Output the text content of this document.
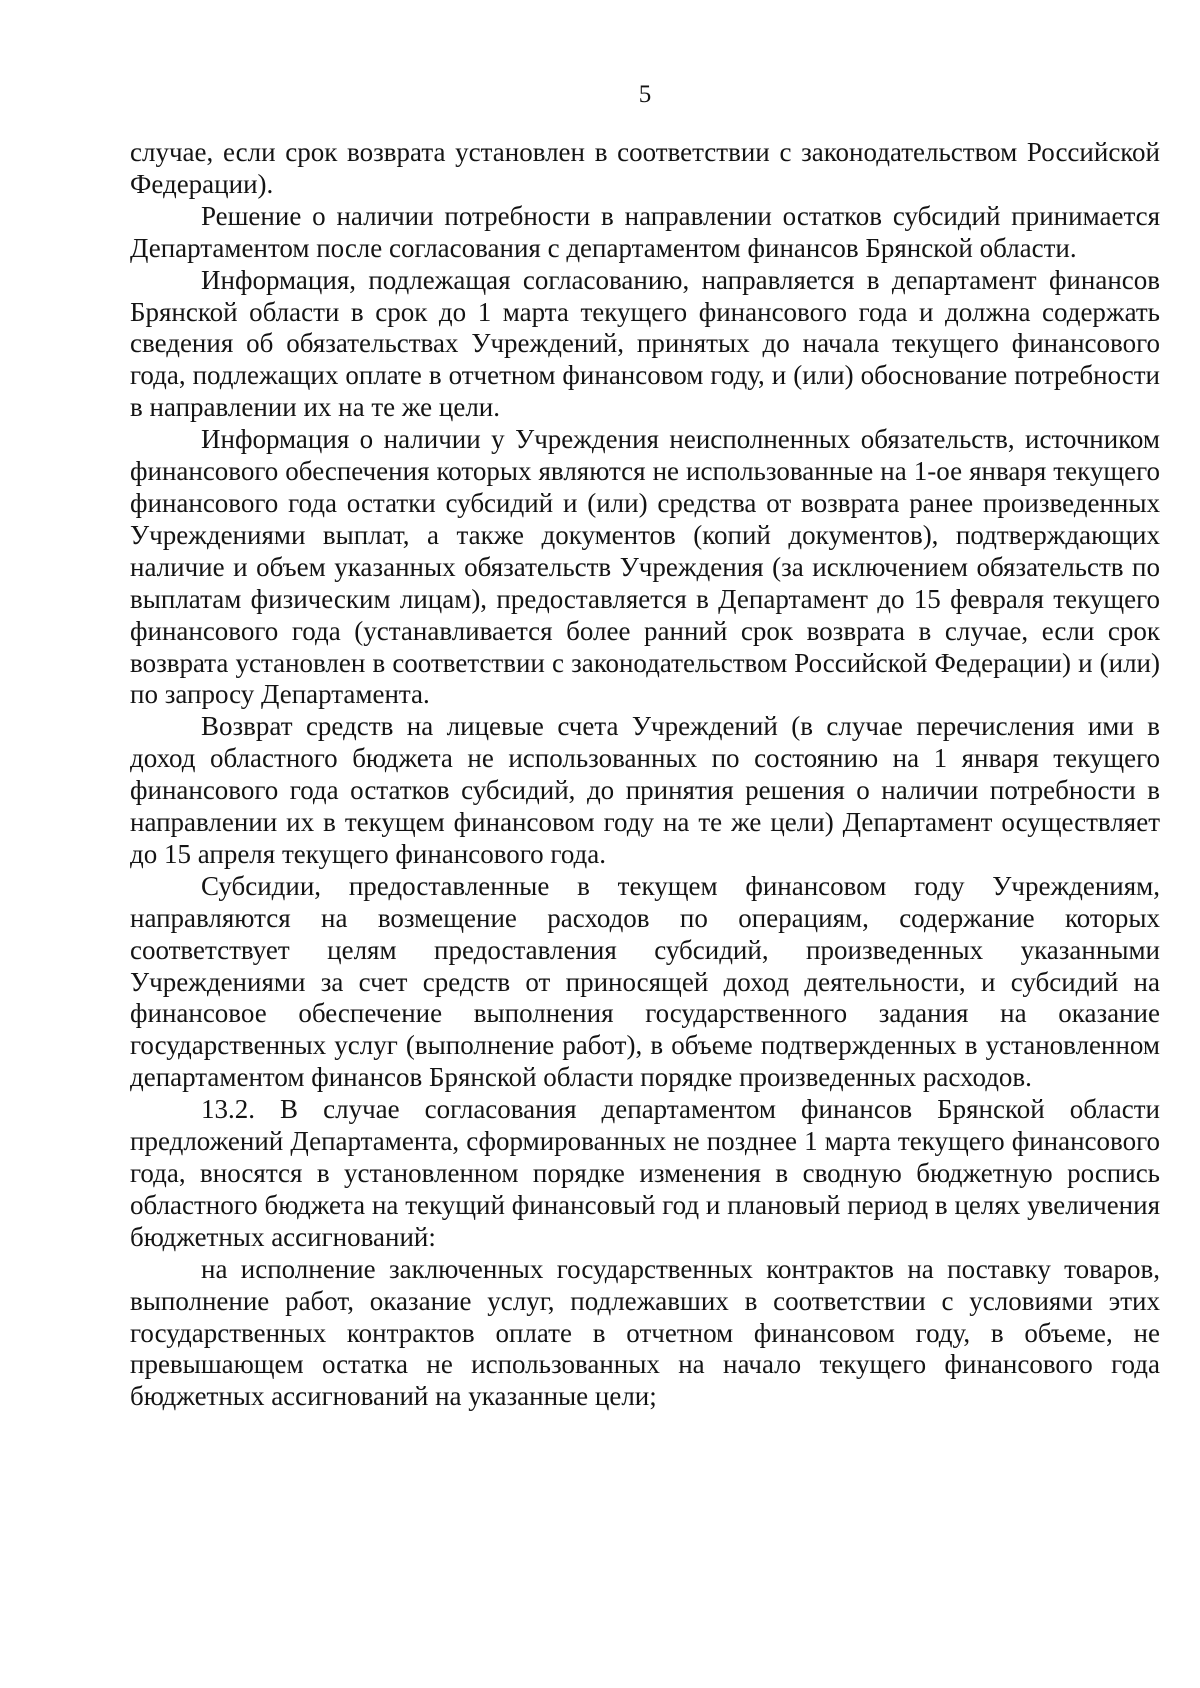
5

случае, если срок возврата установлен в соответствии с законодательством Российской Федерации).

Решение о наличии потребности в направлении остатков субсидий принимается Департаментом после согласования с департаментом финансов Брянской области.

Информация, подлежащая согласованию, направляется в департамент финансов Брянской области в срок до 1 марта текущего финансового года и должна содержать сведения об обязательствах Учреждений, принятых до начала текущего финансового года, подлежащих оплате в отчетном финансовом году, и (или) обоснование потребности в направлении их на те же цели.

Информация о наличии у Учреждения неисполненных обязательств, источником финансового обеспечения которых являются не использованные на 1-ое января текущего финансового года остатки субсидий и (или) средства от возврата ранее произведенных Учреждениями выплат, а также документов (копий документов), подтверждающих наличие и объем указанных обязательств Учреждения (за исключением обязательств по выплатам физическим лицам), предоставляется в Департамент до 15 февраля текущего финансового года (устанавливается более ранний срок возврата в случае, если срок возврата установлен в соответствии с законодательством Российской Федерации) и (или) по запросу Департамента.

Возврат средств на лицевые счета Учреждений (в случае перечисления ими в доход областного бюджета не использованных по состоянию на 1 января текущего финансового года остатков субсидий, до принятия решения о наличии потребности в направлении их в текущем финансовом году на те же цели) Департамент осуществляет до 15 апреля текущего финансового года.

Субсидии, предоставленные в текущем финансовом году Учреждениям, направляются на возмещение расходов по операциям, содержание которых соответствует целям предоставления субсидий, произведенных указанными Учреждениями за счет средств от приносящей доход деятельности, и субсидий на финансовое обеспечение выполнения государственного задания на оказание государственных услуг (выполнение работ), в объеме подтвержденных в установленном департаментом финансов Брянской области порядке произведенных расходов.

13.2. В случае согласования департаментом финансов Брянской области предложений Департамента, сформированных не позднее 1 марта текущего финансового года, вносятся в установленном порядке изменения в сводную бюджетную роспись областного бюджета на текущий финансовый год и плановый период в целях увеличения бюджетных ассигнований:

на исполнение заключенных государственных контрактов на поставку товаров, выполнение работ, оказание услуг, подлежавших в соответствии с условиями этих государственных контрактов оплате в отчетном финансовом году, в объеме, не превышающем остатка не использованных на начало текущего финансового года бюджетных ассигнований на указанные цели;
